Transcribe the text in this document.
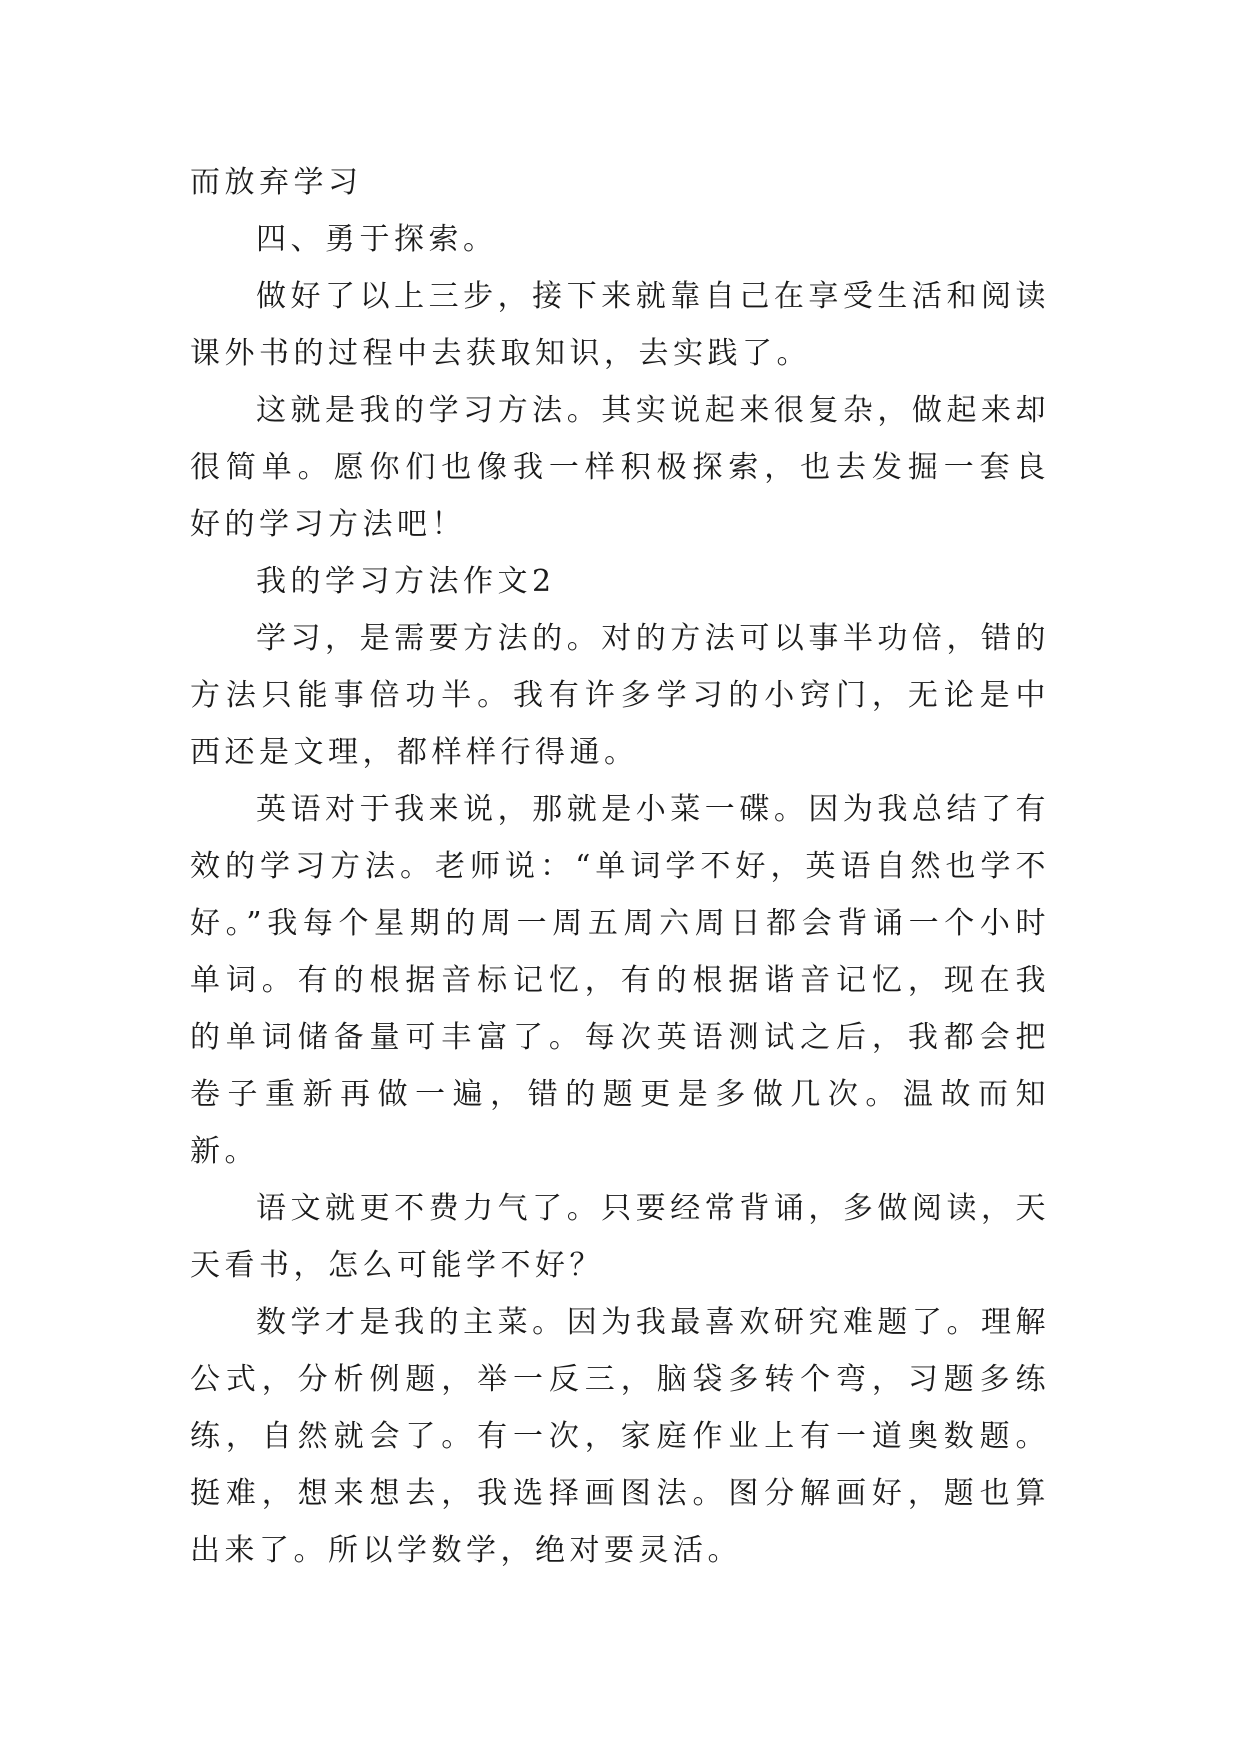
而放弃学习

四、勇于探索。

做好了以上三步，接下来就靠自己在享受生活和阅读课外书的过程中去获取知识，去实践了。

这就是我的学习方法。其实说起来很复杂，做起来却很简单。愿你们也像我一样积极探索，也去发掘一套良好的学习方法吧！

我的学习方法作文2

学习，是需要方法的。对的方法可以事半功倍，错的方法只能事倍功半。我有许多学习的小窍门，无论是中西还是文理，都样样行得通。

英语对于我来说，那就是小菜一碟。因为我总结了有效的学习方法。老师说：“单词学不好，英语自然也学不好。”我每个星期的周一周五周六周日都会背诵一个小时单词。有的根据音标记忆，有的根据谐音记忆，现在我的单词储备量可丰富了。每次英语测试之后，我都会把卷子重新再做一遍，错的题更是多做几次。温故而知新。

语文就更不费力气了。只要经常背诵，多做阅读，天天看书，怎么可能学不好？

数学才是我的主菜。因为我最喜欢研究难题了。理解公式，分析例题，举一反三，脑袋多转个弯，习题多练练，自然就会了。有一次，家庭作业上有一道奥数题。挺难，想来想去，我选择画图法。图分解画好，题也算出来了。所以学数学，绝对要灵活。
